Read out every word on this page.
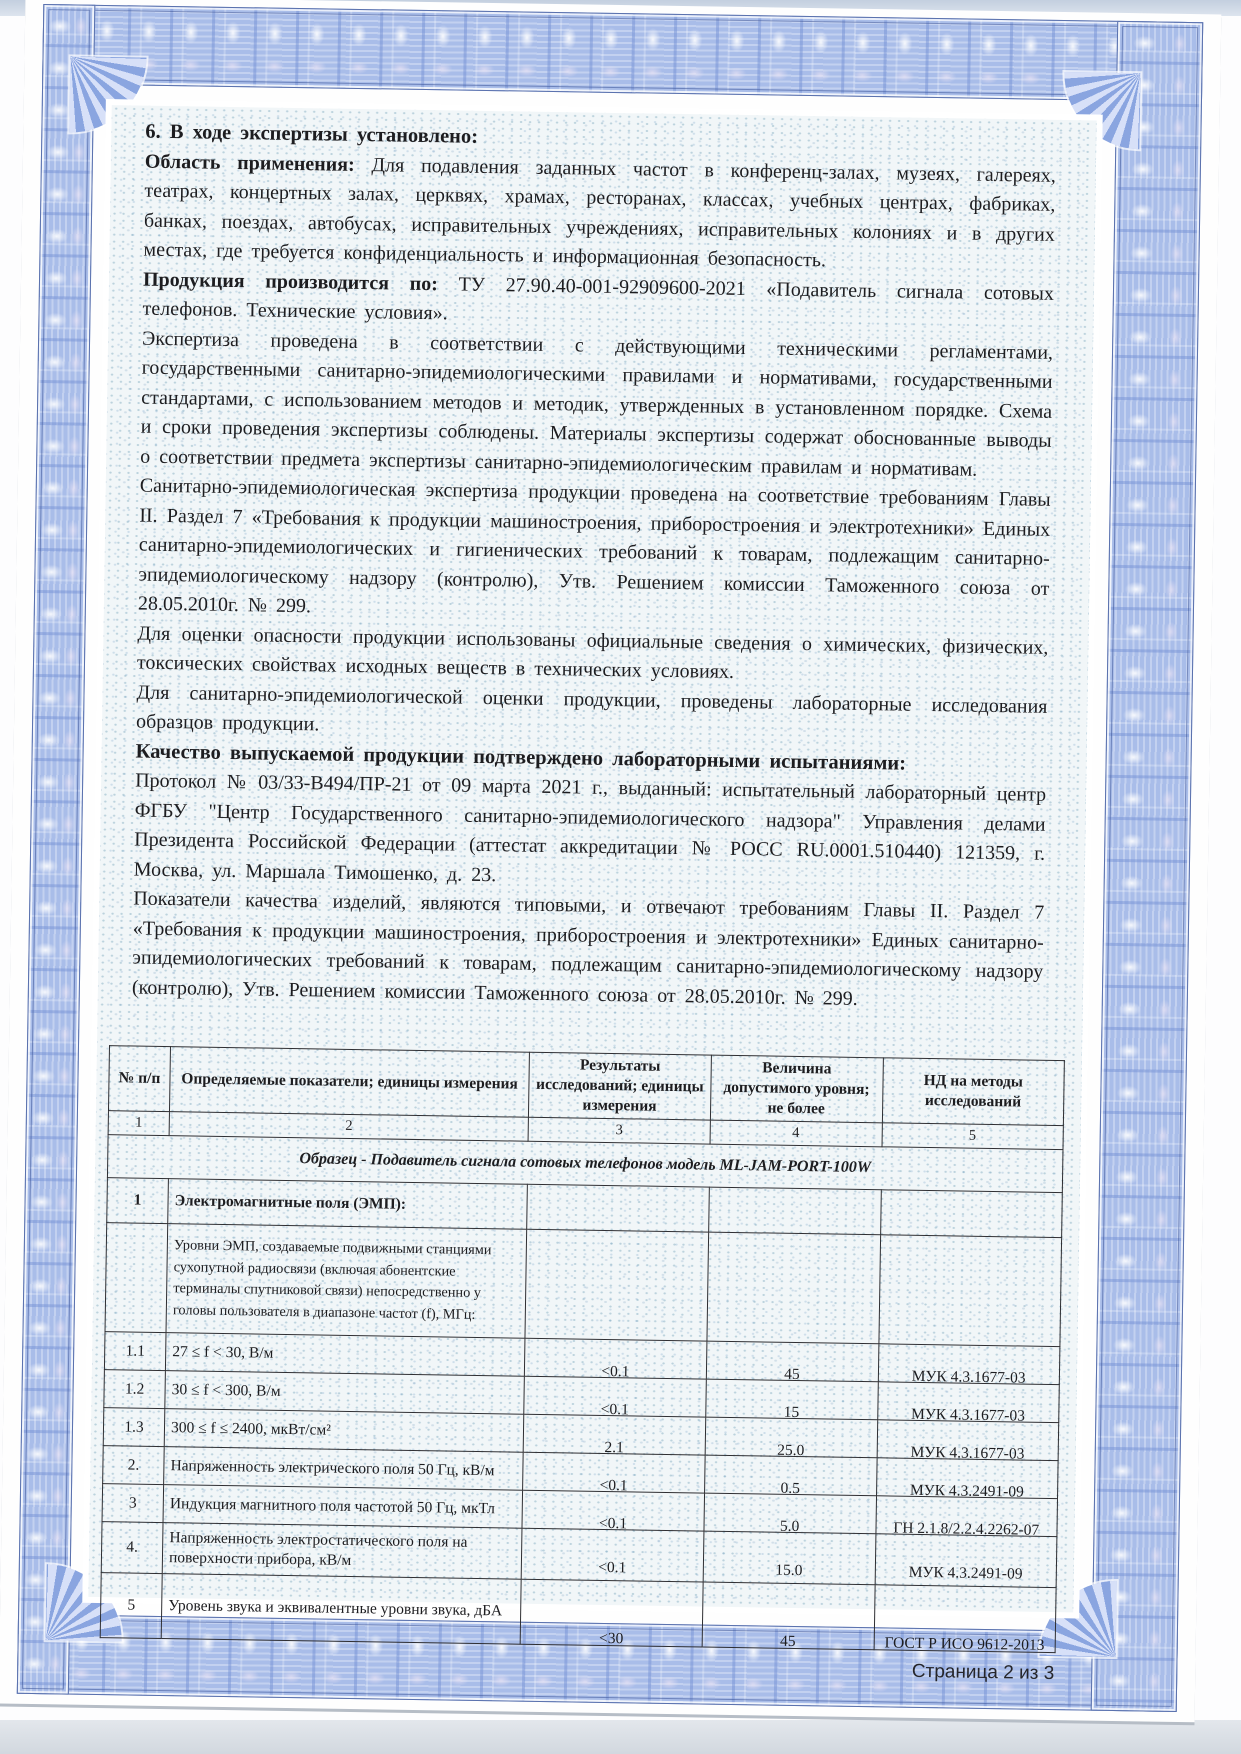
6. В ходе экспертизы установлено:

Область применения: Для подавления заданных частот в конференц-залах, музеях, галереях, театрах, концертных залах, церквях, храмах, ресторанах, классах, учебных центрах, фабриках, банках, поездах, автобусах, исправительных учреждениях, исправительных колониях и в других местах, где требуется конфиденциальность и информационная безопасность.

Продукция производится по: ТУ 27.90.40-001-92909600-2021 «Подавитель сигнала сотовых телефонов. Технические условия».

Экспертиза проведена в соответствии с действующими техническими регламентами, государственными санитарно-эпидемиологическими правилами и нормативами, государственными стандартами, с использованием методов и методик, утвержденных в установленном порядке. Схема и сроки проведения экспертизы соблюдены. Материалы экспертизы содержат обоснованные выводы о соответствии предмета экспертизы санитарно-эпидемиологическим правилам и нормативам.

Санитарно-эпидемиологическая экспертиза продукции проведена на соответствие требованиям Главы II. Раздел 7 «Требования к продукции машиностроения, приборостроения и электротехники» Единых санитарно-эпидемиологических и гигиенических требований к товарам, подлежащим санитарно-эпидемиологическому надзору (контролю), Утв. Решением комиссии Таможенного союза от 28.05.2010г. № 299.

Для оценки опасности продукции использованы официальные сведения о химических, физических, токсических свойствах исходных веществ в технических условиях.

Для санитарно-эпидемиологической оценки продукции, проведены лабораторные исследования образцов продукции.

Качество выпускаемой продукции подтверждено лабораторными испытаниями:

Протокол № 03/33-В494/ПР-21 от 09 марта 2021 г., выданный: испытательный лабораторный центр ФГБУ "Центр Государственного санитарно-эпидемиологического надзора" Управления делами Президента Российской Федерации (аттестат аккредитации № РОСС RU.0001.510440) 121359, г. Москва, ул. Маршала Тимошенко, д. 23.

Показатели качества изделий, являются типовыми, и отвечают требованиям Главы II. Раздел 7 «Требования к продукции машиностроения, приборостроения и электротехники» Единых санитарно-эпидемиологических требований к товарам, подлежащим санитарно-эпидемиологическому надзору (контролю), Утв. Решением комиссии Таможенного союза от 28.05.2010г. № 299.

№ п/п	Определяемые показатели; единицы измерения	Результаты исследований; единицы измерения	Величина допустимого уровня; не более	НД на методы исследований
1	2	3	4	5
Образец - Подавитель сигнала сотовых телефонов модель ML-JAM-PORT-100W				
1	Электромагнитные поля (ЭМП):			
	Уровни ЭМП, создаваемые подвижными станциями сухопутной радиосвязи (включая абонентские терминалы спутниковой связи) непосредственно у головы пользователя в диапазоне частот (f), МГц:			
1.1	27 ≤ f < 30, В/м	<0.1	45	МУК 4.3.1677-03
1.2	30 ≤ f < 300, В/м	<0.1	15	МУК 4.3.1677-03
1.3	300 ≤ f ≤ 2400, мкВт/см²	2.1	25.0	МУК 4.3.1677-03
2.	Напряженность электрического поля 50 Гц, кВ/м	<0.1	0.5	МУК 4.3.2491-09
3	Индукция магнитного поля частотой 50 Гц, мкТл	<0.1	5.0	ГН 2.1.8/2.2.4.2262-07
4.	Напряженность электростатического поля на поверхности прибора, кВ/м	<0.1	15.0	МУК 4.3.2491-09
5	Уровень звука и эквивалентные уровни звука, дБА	<30	45	ГОСТ Р ИСО 9612-2013
Страница 2 из 3
